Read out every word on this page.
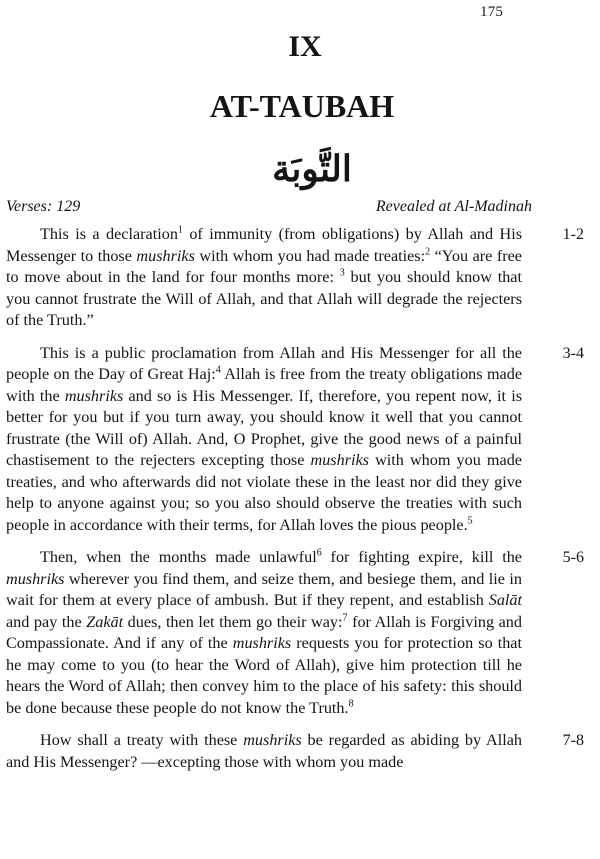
175
IX
AT-TAUBAH
التَّوبَة
Verses: 129	Revealed at Al-Madinah
This is a declaration$^1$ of immunity (from obligations) by Allah and His Messenger to those mushriks with whom you had made treaties:$^2$ “You are free to move about in the land for four months more: $^3$ but you should know that you cannot frustrate the Will of Allah, and that Allah will degrade the rejecters of the Truth.”
1-2
This is a public proclamation from Allah and His Messenger for all the people on the Day of Great Haj:$^4$ Allah is free from the treaty obligations made with the mushriks and so is His Messenger. If, therefore, you repent now, it is better for you but if you turn away, you should know it well that you cannot frustrate (the Will of) Allah. And, O Prophet, give the good news of a painful chastisement to the rejecters excepting those mushriks with whom you made treaties, and who afterwards did not violate these in the least nor did they give help to anyone against you; so you also should observe the treaties with such people in accordance with their terms, for Allah loves the pious people.$^5$
3-4
Then, when the months made unlawful$^6$ for fighting expire, kill the mushriks wherever you find them, and seize them, and besiege them, and lie in wait for them at every place of ambush. But if they repent, and establish Salāt and pay the Zakāt dues, then let them go their way:$^7$ for Allah is Forgiving and Compassionate. And if any of the mushriks requests you for protection so that he may come to you (to hear the Word of Allah), give him protection till he hears the Word of Allah; then convey him to the place of his safety: this should be done because these people do not know the Truth.$^8$
5-6
How shall a treaty with these mushriks be regarded as abiding by Allah and His Messenger? —excepting those with whom you made
7-8
